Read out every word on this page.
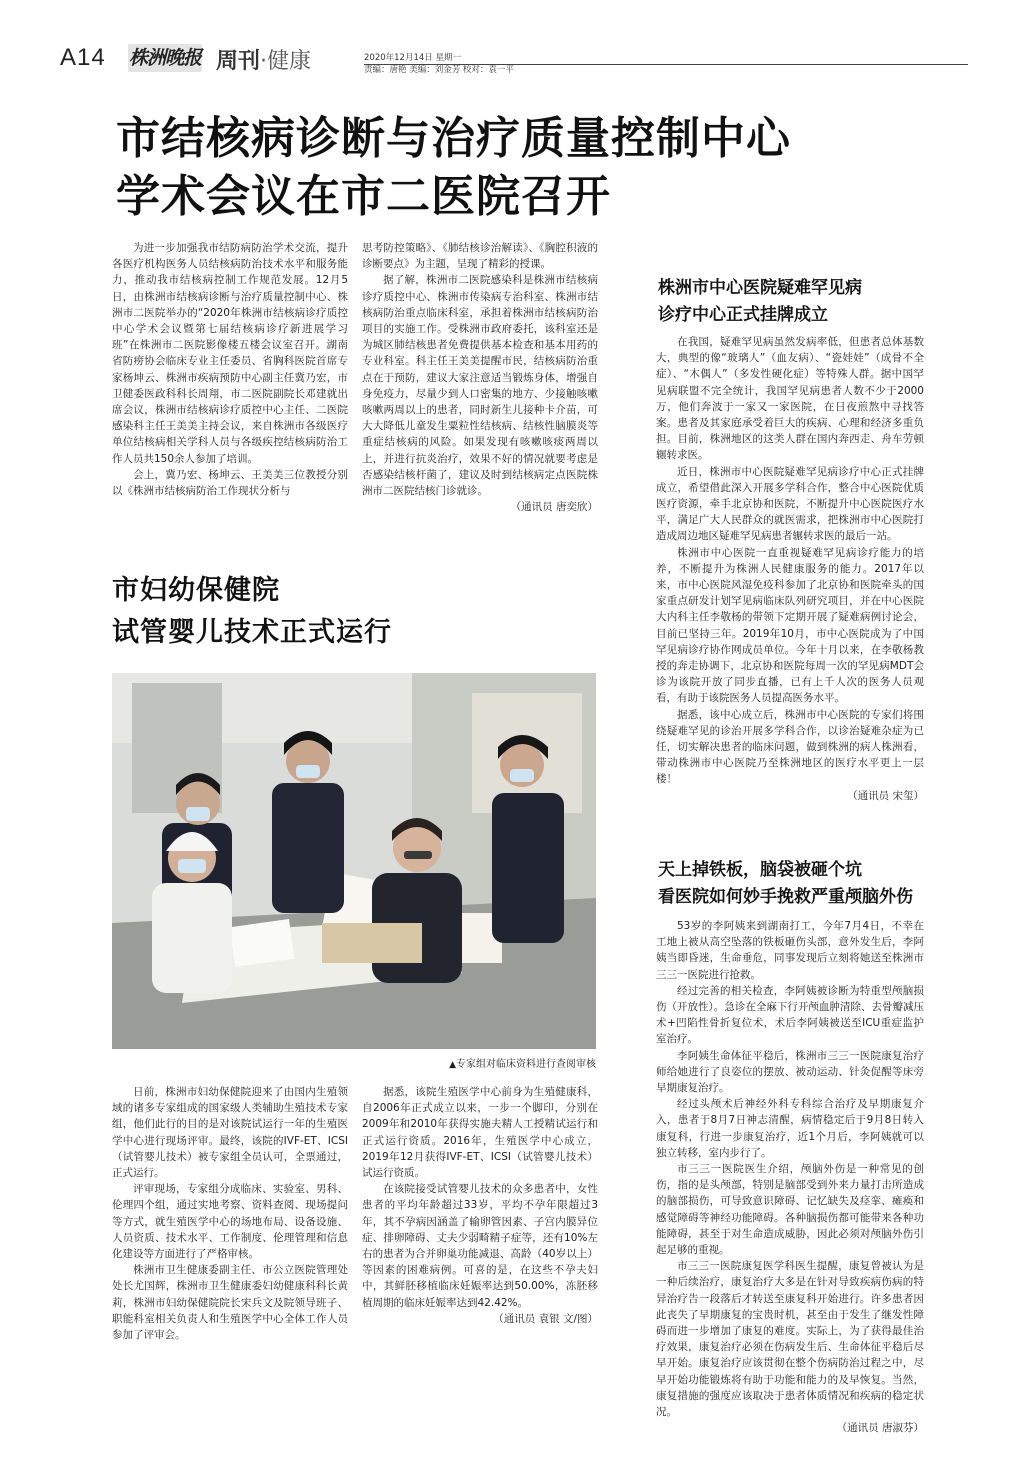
A14 株洲晚报 周刊·健康	2020年12月14日 星期一
责编：唐艳 美编：刘金芳 校对：袁一平
市结核病诊断与治疗质量控制中心
学术会议在市二医院召开

为进一步加强我市结防病防治学术交流，提升各医疗机构医务人员结核病防治技术水平和服务能力，推动我市结核病控制工作规范发展。12月5日，由株洲市结核病诊断与治疗质量控制中心、株洲市二医院举办的“2020年株洲市结核病诊疗质控中心学术会议暨第七届结核病诊疗新进展学习班”在株洲市二医院影像楼五楼会议室召开。湖南省防痨协会临床专业主任委员、省胸科医院首席专家杨坤云、株洲市疾病预防中心副主任冀乃宏，市卫健委医政科科长周翔，市二医院副院长邓建就出席会议，株洲市结核病诊疗质控中心主任、二医院感染科主任王美美主持会议，来自株洲市各级医疗单位结核病相关学科人员与各级疾控结核病防治工作人员共150余人参加了培训。

会上，冀乃宏、杨坤云、王美美三位教授分别以《株洲市结核病防治工作现状分析与

思考防控策略》、《肺结核诊治解读》、《胸腔积液的诊断要点》为主题，呈现了精彩的授课。

据了解，株洲市二医院感染科是株洲市结核病诊疗质控中心、株洲市传染病专治科室、株洲市结核病防治重点临床科室，承担着株洲市结核病防治项目的实施工作。受株洲市政府委托，该科室还是为城区肺结核患者免费提供基本检查和基本用药的专业科室。科主任王美美提醒市民，结核病防治重点在于预防，建议大家注意适当锻炼身体，增强自身免疫力，尽量少到人口密集的地方、少接触咳嗽咳嗽两周以上的患者，同时新生儿接种卡介苗，可大大降低儿童发生粟粒性结核病、结核性脑膜炎等重症结核病的风险。如果发现有咳嗽咳痰两周以上，并进行抗炎治疗，效果不好的情况就要考虑是否感染结核杆菌了，建议及时到结核病定点医院株洲市二医院结核门诊就诊。

（通讯员 唐奕欣）
市妇幼保健院
试管婴儿技术正式运行
▲专家组对临床资料进行查阅审核

日前，株洲市妇幼保健院迎来了由国内生殖领域的诸多专家组成的国家级人类辅助生殖技术专家组，他们此行的目的是对该院试运行一年的生殖医学中心进行现场评审。最终，该院的IVF-ET、ICSI（试管婴儿技术）被专家组全员认可，全票通过，正式运行。

评审现场，专家组分成临床、实验室、男科、伦理四个组，通过实地考察、资料查阅、现场提问等方式，就生殖医学中心的场地布局、设备设施、人员资质、技术水平、工作制度、伦理管理和信息化建设等方面进行了严格审核。

株洲市卫生健康委副主任、市公立医院管理处处长尤国辉，株洲市卫生健康委妇幼健康科科长黄莉，株洲市妇幼保健院院长宋兵文及院领导班子、职能科室相关负责人和生殖医学中心全体工作人员参加了评审会。

据悉，该院生殖医学中心前身为生殖健康科，自2006年正式成立以来，一步一个脚印，分别在2009年和2010年获得实施夫精人工授精试运行和正式运行资质。2016年，生殖医学中心成立，2019年12月获得IVF-ET、ICSI（试管婴儿技术）试运行资质。

在该院接受试管婴儿技术的众多患者中，女性患者的平均年龄超过33岁，平均不孕年限超过3年，其不孕病因涵盖了输卵管因素、子宫内膜异位症、排卵障碍、丈夫少弱畸精子症等，还有10%左右的患者为合并卵巢功能减退、高龄（40岁以上）等因素的困难病例。可喜的是，在这些不孕夫妇中，其鲜胚移植临床妊娠率达到50.00%，冻胚移植周期的临床妊娠率达到42.42%。

（通讯员 袁银 文/图）
株洲市中心医院疑难罕见病
诊疗中心正式挂牌成立

在我国，疑难罕见病虽然发病率低，但患者总体基数大，典型的像“玻璃人”（血友病）、“瓷娃娃”（成骨不全症）、“木偶人”（多发性硬化症）等特殊人群。据中国罕见病联盟不完全统计，我国罕见病患者人数不少于2000万，他们奔波于一家又一家医院，在日夜煎熬中寻找答案。患者及其家庭承受着巨大的疾病、心理和经济多重负担。目前，株洲地区的这类人群在国内奔西走、舟车劳顿辗转求医。

近日，株洲市中心医院疑难罕见病诊疗中心正式挂牌成立，希望借此深入开展多学科合作，整合中心医院优质医疗资源，牵手北京协和医院，不断提升中心医院医疗水平，满足广大人民群众的就医需求，把株洲市中心医院打造成周边地区疑难罕见病患者辗转求医的最后一站。

株洲市中心医院一直重视疑难罕见病诊疗能力的培养，不断提升为株洲人民健康服务的能力。2017年以来，市中心医院风湿免疫科参加了北京协和医院牵头的国家重点研发计划罕见病临床队列研究项目，并在中心医院大内科主任李敬杨的带领下定期开展了疑难病例讨论会，目前已坚持三年。2019年10月，市中心医院成为了中国罕见病诊疗协作网成员单位。今年十月以来，在李敬杨教授的奔走协调下，北京协和医院每周一次的罕见病MDT会诊为该院开放了同步直播，已有上千人次的医务人员观看，有助于该院医务人员提高医务水平。

据悉，该中心成立后，株洲市中心医院的专家们将围绕疑难罕见的诊治开展多学科合作，以诊治疑难杂症为已任，切实解决患者的临床问题，做到株洲的病人株洲看，带动株洲市中心医院乃至株洲地区的医疗水平更上一层楼！

（通讯员 宋玺）
天上掉铁板，脑袋被砸个坑
看医院如何妙手挽救严重颅脑外伤

53岁的李阿姨来到湖南打工，今年7月4日，不幸在工地上被从高空坠落的铁板砸伤头部，意外发生后，李阿姨当即昏迷，生命垂危，同事发现后立刻将她送至株洲市三三一医院进行抢救。

经过完善的相关检查，李阿姨被诊断为特重型颅脑损伤（开放性）。急诊在全麻下行开颅血肿清除、去骨瓣减压术+凹陷性骨折复位术，术后李阿姨被送至ICU重症监护室治疗。

李阿姨生命体征平稳后，株洲市三三一医院康复治疗师给她进行了良姿位的摆放、被动运动、针灸促醒等床旁早期康复治疗。

经过头颅术后神经外科专科综合治疗及早期康复介入，患者于8月7日神志清醒，病情稳定后于9月8日转入康复科，行进一步康复治疗，近1个月后，李阿姨就可以独立转移，室内步行了。

市三三一医院医生介绍，颅脑外伤是一种常见的创伤，指的是头颅部，特别是脑部受到外来力量打击所造成的脑部损伤，可导致意识障碍、记忆缺失及痉挛、瘫痪和感觉障碍等神经功能障碍。各种脑损伤都可能带来各种功能障碍，甚至于对生命造成威胁，因此必须对颅脑外伤引起足够的重视。

市三三一医院康复医学科医生提醒，康复曾被认为是一种后续治疗，康复治疗大多是在针对导致疾病伤病的特异治疗告一段落后才转送至康复科开始进行。许多患者因此丧失了早期康复的宝贵时机，甚至由于发生了继发性障碍而进一步增加了康复的难度。实际上，为了获得最佳治疗效果，康复治疗必须在伤病发生后、生命体征平稳后尽早开始。康复治疗应该贯彻在整个伤病防治过程之中，尽早开始功能锻炼将有助于功能和能力的及早恢复。当然，康复措施的强度应该取决于患者体质情况和疾病的稳定状况。

（通讯员 唐淑芬）
